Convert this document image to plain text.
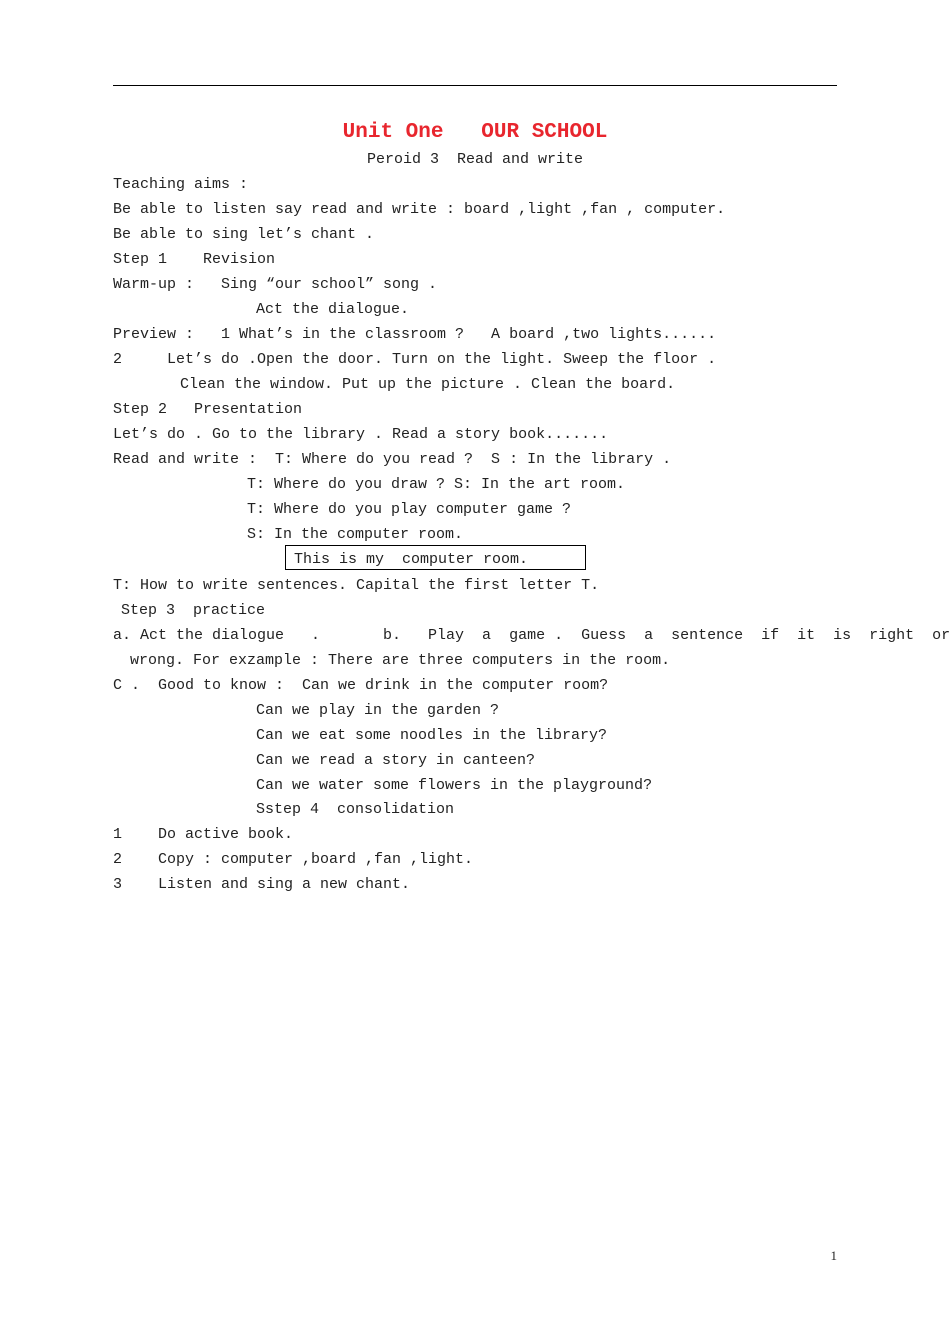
Unit One   OUR SCHOOL
Peroid 3  Read and write
Teaching aims :
Be able to listen say read and write : board ,light ,fan , computer.
Be able to sing let’s chant .
Step 1    Revision
Warm-up :   Sing “our school” song .
Act the dialogue.
Preview :   1 What’s in the classroom ?   A board ,two lights......
2     Let’s do .Open the door. Turn on the light. Sweep the floor .
Clean the window. Put up the picture . Clean the board.
Step 2   Presentation
Let’s do . Go to the library . Read a story book.......
Read and write :  T: Where do you read ?  S : In the library .
T: Where do you draw ? S: In the art room.
T: Where do you play computer game ?
S: In the computer room.
This is my  computer room.
T: How to write sentences. Capital the first letter T.
Step 3  practice
a. Act the dialogue   .       b.   Play  a  game .  Guess  a  sentence  if  it  is  right  or
wrong. For exzample : There are three computers in the room.
C .  Good to know :  Can we drink in the computer room?
Can we play in the garden ?
Can we eat some noodles in the library?
Can we read a story in canteen?
Can we water some flowers in the playground?
Sstep 4  consolidation
1    Do active book.
2    Copy : computer ,board ,fan ,light.
3    Listen and sing a new chant.
1
